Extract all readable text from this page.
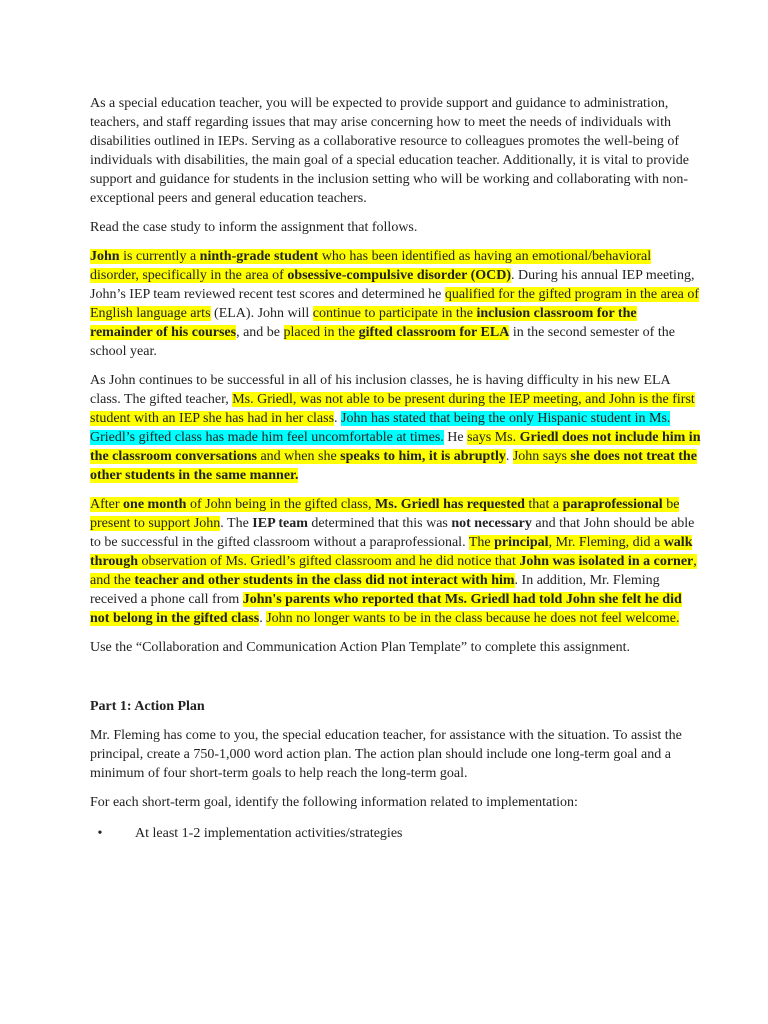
As a special education teacher, you will be expected to provide support and guidance to administration, teachers, and staff regarding issues that may arise concerning how to meet the needs of individuals with disabilities outlined in IEPs. Serving as a collaborative resource to colleagues promotes the well-being of individuals with disabilities, the main goal of a special education teacher. Additionally, it is vital to provide support and guidance for students in the inclusion setting who will be working and collaborating with non-exceptional peers and general education teachers.

Read the case study to inform the assignment that follows.

John is currently a ninth-grade student who has been identified as having an emotional/behavioral disorder, specifically in the area of obsessive-compulsive disorder (OCD). During his annual IEP meeting, John’s IEP team reviewed recent test scores and determined he qualified for the gifted program in the area of English language arts (ELA). John will continue to participate in the inclusion classroom for the remainder of his courses, and be placed in the gifted classroom for ELA in the second semester of the school year.

As John continues to be successful in all of his inclusion classes, he is having difficulty in his new ELA class. The gifted teacher, Ms. Griedl, was not able to be present during the IEP meeting, and John is the first student with an IEP she has had in her class. John has stated that being the only Hispanic student in Ms. Griedl’s gifted class has made him feel uncomfortable at times. He says Ms. Griedl does not include him in the classroom conversations and when she speaks to him, it is abruptly. John says she does not treat the other students in the same manner.

After one month of John being in the gifted class, Ms. Griedl has requested that a paraprofessional be present to support John. The IEP team determined that this was not necessary and that John should be able to be successful in the gifted classroom without a paraprofessional. The principal, Mr. Fleming, did a walk through observation of Ms. Griedl’s gifted classroom and he did notice that John was isolated in a corner, and the teacher and other students in the class did not interact with him. In addition, Mr. Fleming received a phone call from John's parents who reported that Ms. Griedl had told John she felt he did not belong in the gifted class. John no longer wants to be in the class because he does not feel welcome.

Use the “Collaboration and Communication Action Plan Template” to complete this assignment.

Part 1: Action Plan

Mr. Fleming has come to you, the special education teacher, for assistance with the situation. To assist the principal, create a 750-1,000 word action plan. The action plan should include one long-term goal and a minimum of four short-term goals to help reach the long-term goal.

For each short-term goal, identify the following information related to implementation:

•	At least 1-2 implementation activities/strategies
